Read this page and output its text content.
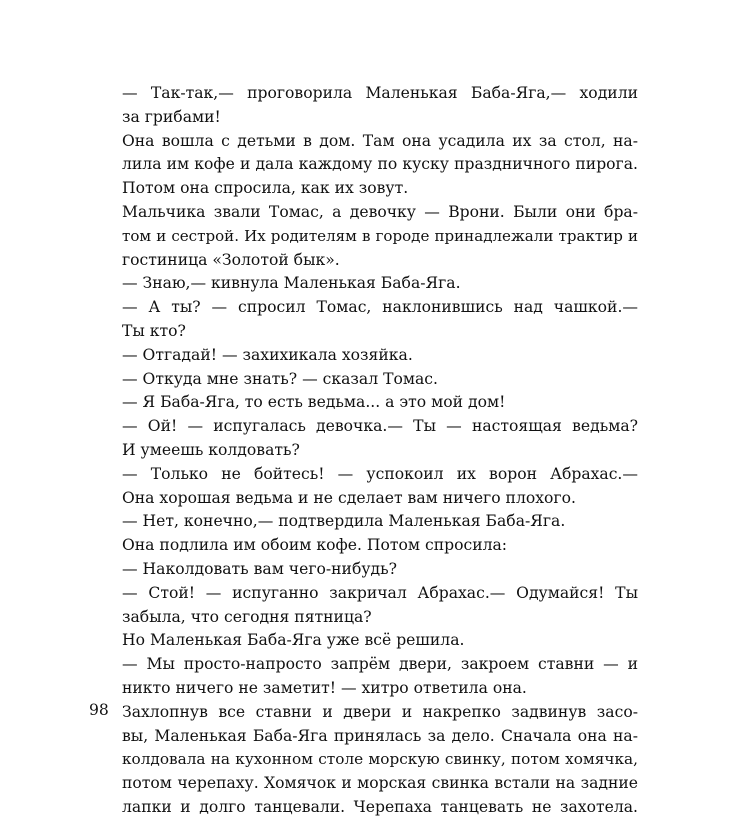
— Так-так,— проговорила Маленькая Баба-Яга,— ходили
за грибами!
Она вошла с детьми в дом. Там она усадила их за стол, на-
лила им кофе и дала каждому по куску праздничного пирога.
Потом она спросила, как их зовут.
Мальчика звали Томас, а девочку — Врони. Были они бра-
том и сестрой. Их родителям в городе принадлежали трактир и
гостиница «Золотой бык».
— Знаю,— кивнула Маленькая Баба-Яга.
— А ты? — спросил Томас, наклонившись над чашкой.—
Ты кто?
— Отгадай! — захихикала хозяйка.
— Откуда мне знать? — сказал Томас.
— Я Баба-Яга, то есть ведьма... а это мой дом!
— Ой! — испугалась девочка.— Ты — настоящая ведьма?
И умеешь колдовать?
— Только не бойтесь! — успокоил их ворон Абрахас.—
Она хорошая ведьма и не сделает вам ничего плохого.
— Нет, конечно,— подтвердила Маленькая Баба-Яга.
Она подлила им обоим кофе. Потом спросила:
— Наколдовать вам чего-нибудь?
— Стой! — испуганно закричал Абрахас.— Одумайся! Ты
забыла, что сегодня пятница?
Но Маленькая Баба-Яга уже всё решила.
— Мы просто-напросто запрём двери, закроем ставни — и
никто ничего не заметит! — хитро ответила она.
Захлопнув все ставни и двери и накрепко задвинув засо-
вы, Маленькая Баба-Яга принялась за дело. Сначала она на-
колдовала на кухонном столе морскую свинку, потом хомячка,
потом черепаху. Хомячок и морская свинка встали на задние
лапки и долго танцевали. Черепаха танцевать не захотела.
98
